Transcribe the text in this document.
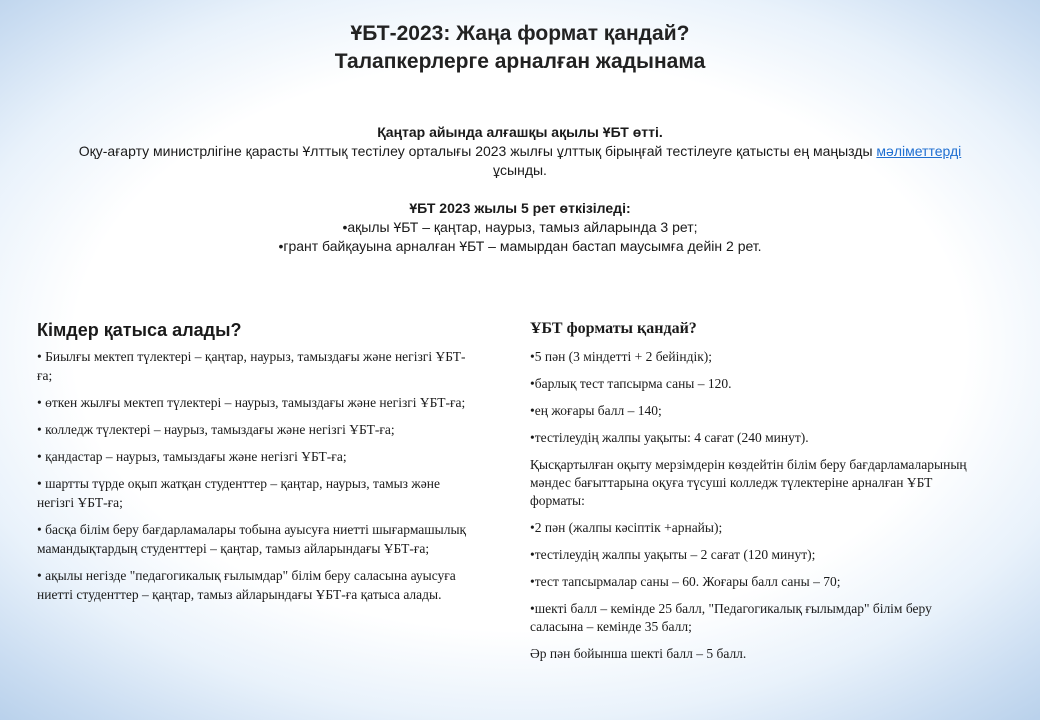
ҰБТ-2023: Жаңа формат қандай?
Талапкерлерге арналған жадынама
Қаңтар айында алғашқы ақылы ҰБТ өтті.
Оқу-ағарту министрлігіне қарасты Ұлттық тестілеу орталығы 2023 жылғы ұлттық бірыңғай тестілеуге қатысты ең маңызды мәліметтерді ұсынды.
ҰБТ 2023 жылы 5 рет өткізіледі:
•ақылы ҰБТ – қаңтар, наурыз, тамыз айларында 3 рет;
•грант байқауына арналған ҰБТ – мамырдан бастап маусымға дейін 2 рет.
Кімдер қатыса алады?
• Биылғы мектеп түлектері – қаңтар, наурыз, тамыздағы және негізгі ҰБТ-ға;
• өткен жылғы мектеп түлектері – наурыз, тамыздағы және негізгі ҰБТ-ға;
• колледж түлектері – наурыз, тамыздағы және негізгі ҰБТ-ға;
• қандастар – наурыз, тамыздағы және негізгі ҰБТ-ға;
• шартты түрде оқып жатқан студенттер – қаңтар, наурыз, тамыз және негізгі ҰБТ-ға;
• басқа білім беру бағдарламалары тобына ауысуға ниетті шығармашылық мамандықтардың студенттері – қаңтар, тамыз айларындағы ҰБТ-ға;
• ақылы негізде "педагогикалық ғылымдар" білім беру саласына ауысуға ниетті студенттер – қаңтар, тамыз айларындағы ҰБТ-ға қатыса алады.
ҰБТ форматы қандай?
•5 пән (3 міндетті + 2 бейіндік);
•барлық тест тапсырма саны – 120.
•ең жоғары балл – 140;
•тестілеудің жалпы уақыты: 4 сағат (240 минут).
Қысқартылған оқыту мерзімдерін көздейтін білім беру бағдарламаларының мәндес бағыттарына оқуға түсуші колледж түлектеріне арналған ҰБТ форматы:
•2 пән (жалпы кәсіптік +арнайы);
•тестілеудің жалпы уақыты – 2 сағат (120 минут);
•тест тапсырмалар саны – 60. Жоғары балл саны – 70;
•шекті балл – кемінде 25 балл, "Педагогикалық ғылымдар" білім беру саласына – кемінде 35 балл;
Әр пән бойынша шекті балл – 5 балл.
